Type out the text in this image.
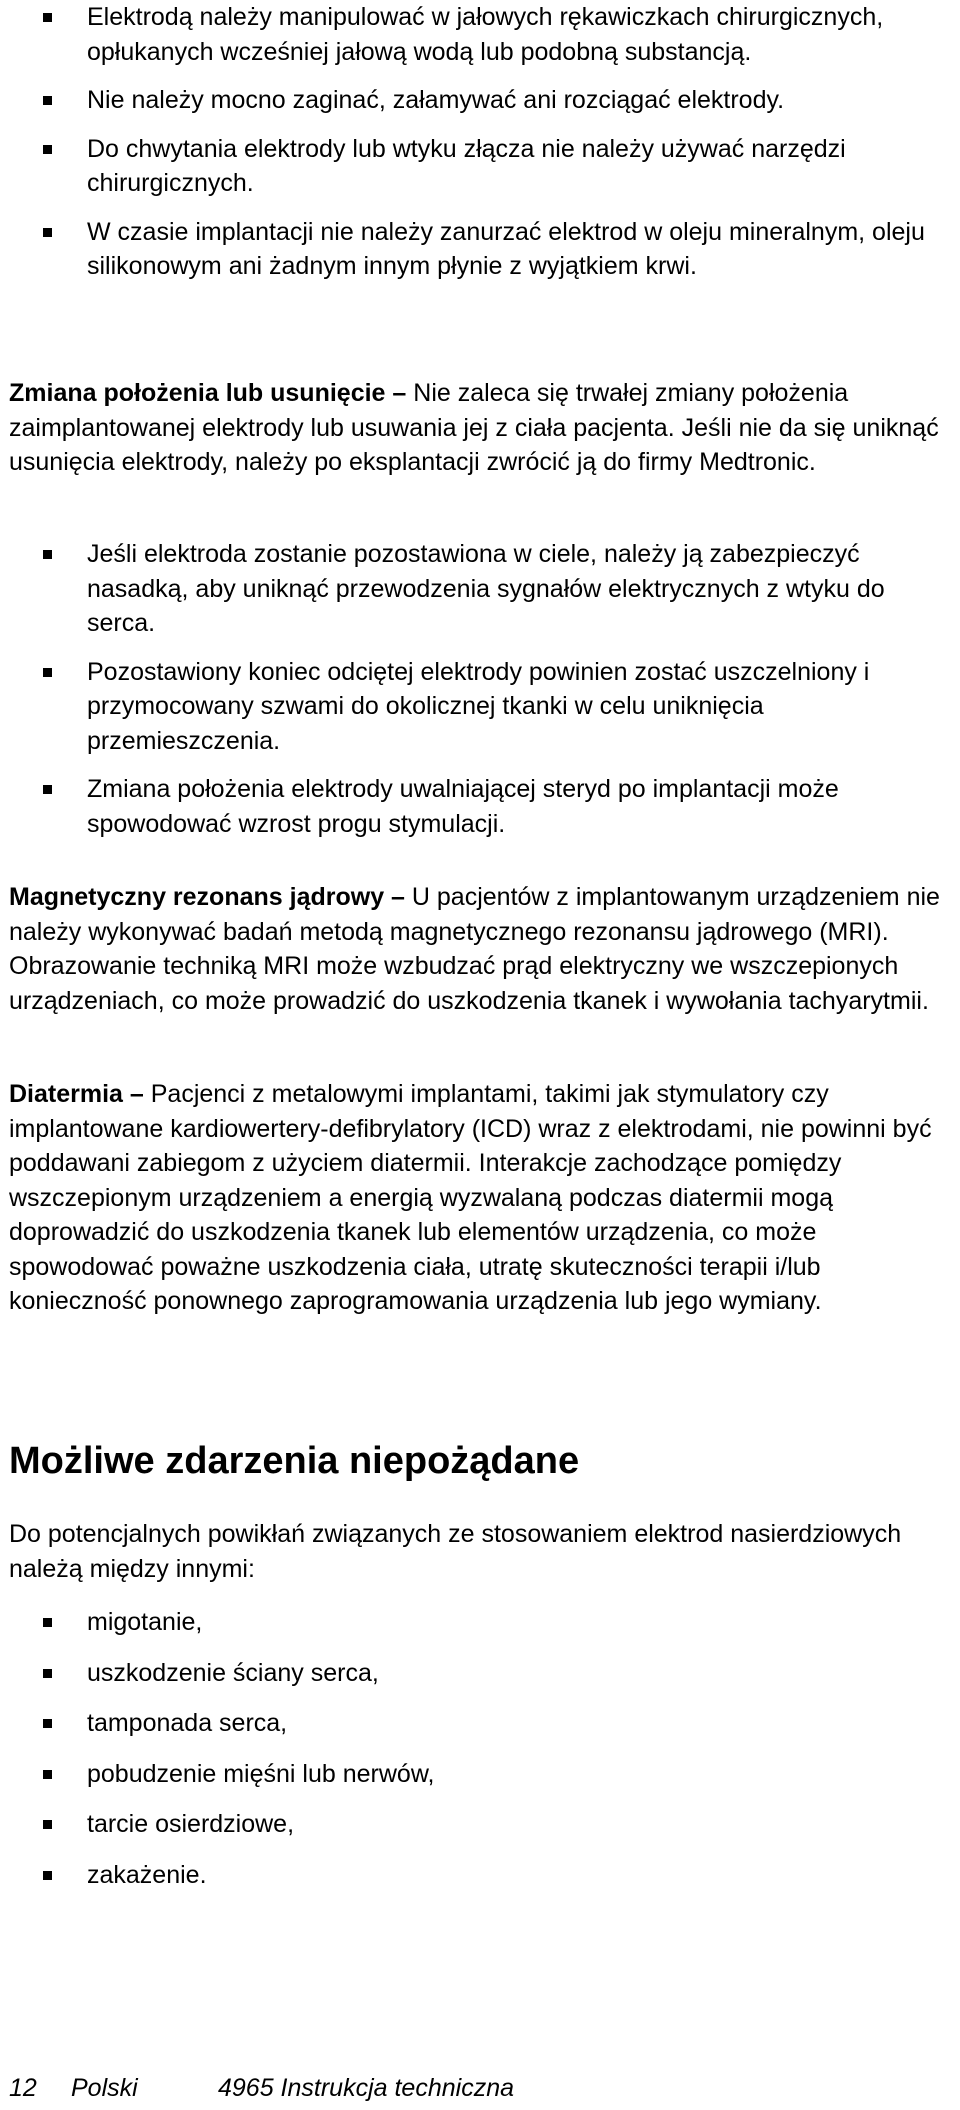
Elektrodą należy manipulować w jałowych rękawiczkach chirurgicznych, opłukanych wcześniej jałową wodą lub podobną substancją.
Nie należy mocno zaginać, załamywać ani rozciągać elektrody.
Do chwytania elektrody lub wtyku złącza nie należy używać narzędzi chirurgicznych.
W czasie implantacji nie należy zanurzać elektrod w oleju mineralnym, oleju silikonowym ani żadnym innym płynie z wyjątkiem krwi.

Zmiana położenia lub usunięcie – Nie zaleca się trwałej zmiany położenia zaimplantowanej elektrody lub usuwania jej z ciała pacjenta. Jeśli nie da się uniknąć usunięcia elektrody, należy po eksplantacji zwrócić ją do firmy Medtronic.

Jeśli elektroda zostanie pozostawiona w ciele, należy ją zabezpieczyć nasadką, aby uniknąć przewodzenia sygnałów elektrycznych z wtyku do serca.
Pozostawiony koniec odciętej elektrody powinien zostać uszczelniony i przymocowany szwami do okolicznej tkanki w celu uniknięcia przemieszczenia.
Zmiana położenia elektrody uwalniającej steryd po implantacji może spowodować wzrost progu stymulacji.

Magnetyczny rezonans jądrowy – U pacjentów z implantowanym urządzeniem nie należy wykonywać badań metodą magnetycznego rezonansu jądrowego (MRI). Obrazowanie techniką MRI może wzbudzać prąd elektryczny we wszczepionych urządzeniach, co może prowadzić do uszkodzenia tkanek i wywołania tachyarytmii.

Diatermia – Pacjenci z metalowymi implantami, takimi jak stymulatory czy implantowane kardiowertery-defibrylatory (ICD) wraz z elektrodami, nie powinni być poddawani zabiegom z użyciem diatermii. Interakcje zachodzące pomiędzy wszczepionym urządzeniem a energią wyzwalaną podczas diatermii mogą doprowadzić do uszkodzenia tkanek lub elementów urządzenia, co może spowodować poważne uszkodzenia ciała, utratę skuteczności terapii i/lub konieczność ponownego zaprogramowania urządzenia lub jego wymiany.

Możliwe zdarzenia niepożądane

Do potencjalnych powikłań związanych ze stosowaniem elektrod nasierdziowych należą między innymi:

migotanie,
uszkodzenie ściany serca,
tamponada serca,
pobudzenie mięśni lub nerwów,
tarcie osierdziowe,
zakażenie.
12 Polski	4965 Instrukcja techniczna
